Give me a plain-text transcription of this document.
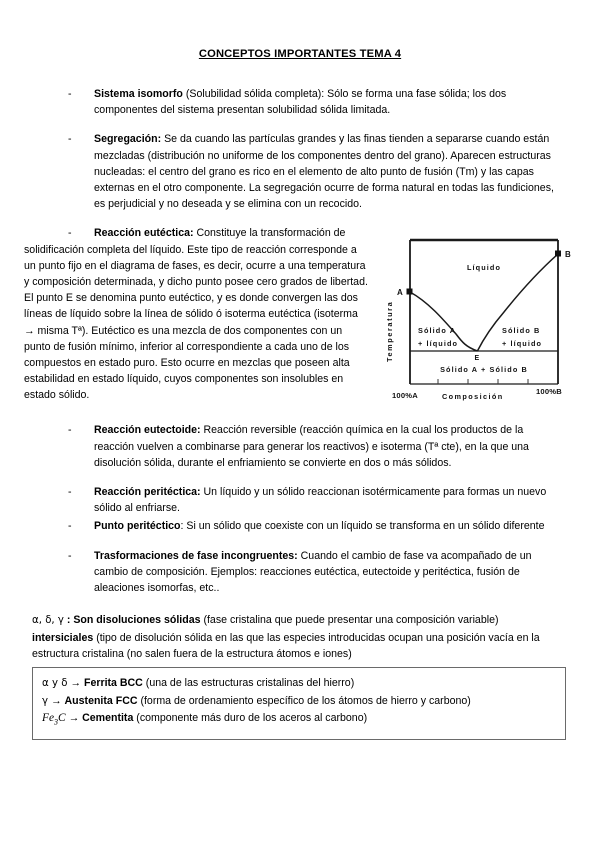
CONCEPTOS IMPORTANTES TEMA 4
-	Sistema isomorfo (Solubilidad sólida completa): Sólo se forma una fase sólida; los dos componentes del sistema presentan solubilidad sólida limitada.
-	Segregación: Se da cuando las partículas grandes y las finas tienden a separarse cuando están mezcladas (distribución no uniforme de los componentes dentro del grano). Aparecen estructuras nucleadas: el centro del grano es rico en el elemento de alto punto de fusión (Tm) y las capas externas en el otro componente. La segregación ocurre de forma natural en todas las fundiciones, es perjudicial y no deseada y se elimina con un recocido.
Líquido
Sólido A
+ líquido
Sólido B
+ líquido
Sólido A + Sólido B
A
B
E
Temperatura
Composición
100%A	100%B
- Reacción eutéctica: Constituye la transformación de solidificación completa del líquido. Este tipo de reacción corresponde a un punto fijo en el diagrama de fases, es decir, ocurre a una temperatura y composición determinada, y dicho punto posee cero grados de libertad. El punto E se denomina punto eutéctico, y es donde convergen las dos líneas de líquido sobre la línea de sólido ó isoterma eutéctica (isoterma → misma Tª). Eutéctico es una mezcla de dos componentes con un punto de fusión mínimo, inferior al correspondiente a cada uno de los compuestos en estado puro. Esto ocurre en mezclas que poseen alta estabilidad en estado líquido, cuyos componentes son insolubles en estado sólido.
-	Reacción eutectoide: Reacción reversible (reacción química en la cual los productos de la reacción vuelven a combinarse para generar los reactivos) e isoterma (Tª cte), en la que una disolución sólida, durante el enfriamiento se convierte en dos o más sólidos.
-	Reacción peritéctica: Un líquido y un sólido reaccionan isotérmicamente para formas un nuevo sólido al enfriarse.
-	Punto peritéctico: Si un sólido que coexiste con un líquido se transforma en un sólido diferente
-	Trasformaciones de fase incongruentes: Cuando el cambio de fase va acompañado de un cambio de composición. Ejemplos: reacciones eutéctica, eutectoide y peritéctica, fusión de aleaciones isomorfas, etc..
α, δ, γ : Son disoluciones sólidas (fase cristalina que puede presentar una composición variable) intersiciales (tipo de disolución sólida en las que las especies introducidas ocupan una posición vacía en la estructura cristalina (no salen fuera de la estructura átomos e iones)
α y δ → Ferrita BCC (una de las estructuras cristalinas del hierro)
γ → Austenita FCC (forma de ordenamiento específico de los átomos de hierro y carbono)
$Fe_3C$ → Cementita (componente más duro de los aceros al carbono)
